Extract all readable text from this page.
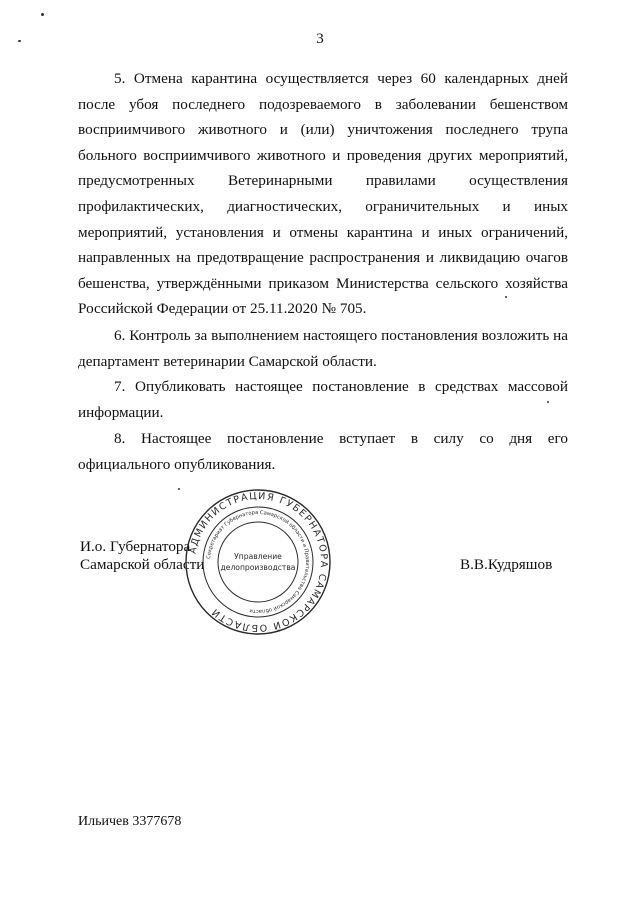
3
5. Отмена карантина осуществляется через 60 календарных дней после убоя последнего подозреваемого в заболевании бешенством восприимчивого животного и (или) уничтожения последнего трупа больного восприимчивого животного и проведения других мероприятий, предусмотренных Ветеринарными правилами осуществления профилактических, диагностических, ограничительных и иных мероприятий, установления и отмены карантина и иных ограничений, направленных на предотвращение распространения и ликвидацию очагов бешенства, утверждёнными приказом Министерства сельского хозяйства Российской Федерации от 25.11.2020 № 705.
6. Контроль за выполнением настоящего постановления возложить на департамент ветеринарии Самарской области.
7. Опубликовать настоящее постановление в средствах массовой информации.
8. Настоящее постановление вступает в силу со дня его официального опубликования.
И.о. Губернатора
Самарской области
АДМИНИСТРАЦИЯ ГУБЕРНАТОРА САМАРСКОЙ ОБЛАСТИ
Секретариат Губернатора Самарской области и Правительства Самарской области
Управление
делопроизводства	В.В.Кудряшов
Ильичев 3377678
